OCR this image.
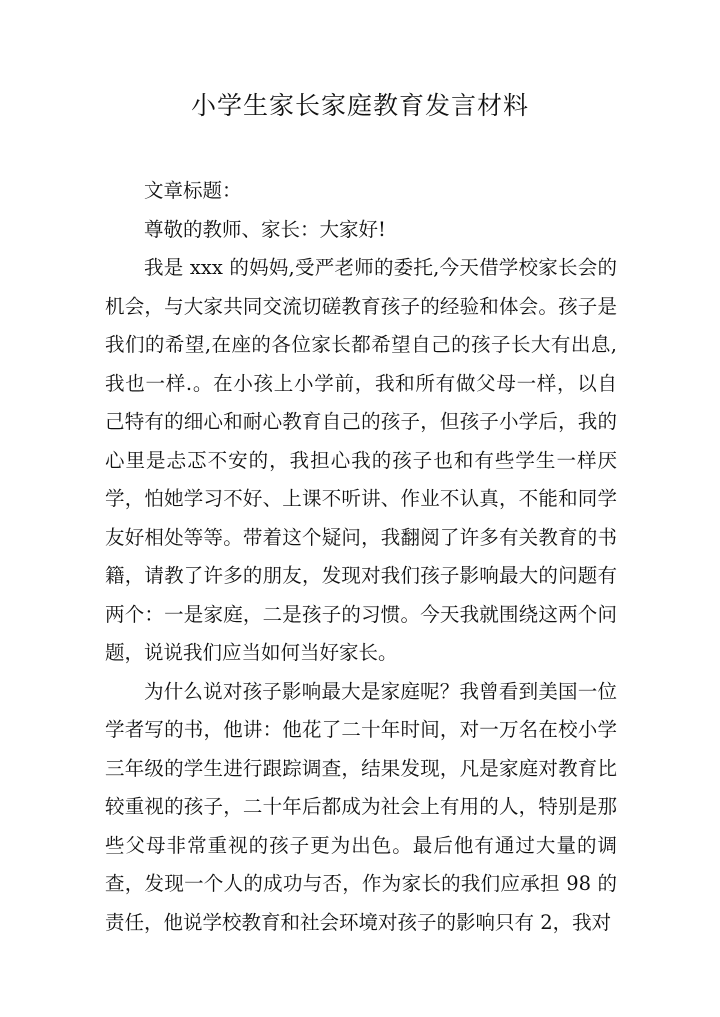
小学生家长家庭教育发言材料

文章标题：

尊敬的教师、家长：大家好!

我是 xxx 的妈妈,受严老师的委托,今天借学校家长会的机会，与大家共同交流切磋教育孩子的经验和体会。孩子是我们的希望,在座的各位家长都希望自己的孩子长大有出息,我也一样.。在小孩上小学前，我和所有做父母一样，以自己特有的细心和耐心教育自己的孩子，但孩子小学后，我的心里是忐忑不安的，我担心我的孩子也和有些学生一样厌学，怕她学习不好、上课不听讲、作业不认真，不能和同学友好相处等等。带着这个疑问，我翻阅了许多有关教育的书籍，请教了许多的朋友，发现对我们孩子影响最大的问题有两个：一是家庭，二是孩子的习惯。今天我就围绕这两个问题，说说我们应当如何当好家长。

为什么说对孩子影响最大是家庭呢？我曾看到美国一位学者写的书，他讲：他花了二十年时间，对一万名在校小学三年级的学生进行跟踪调查，结果发现，凡是家庭对教育比较重视的孩子，二十年后都成为社会上有用的人，特别是那些父母非常重视的孩子更为出色。最后他有通过大量的调查，发现一个人的成功与否，作为家长的我们应承担 98 的责任，他说学校教育和社会环境对孩子的影响只有 2，我对
